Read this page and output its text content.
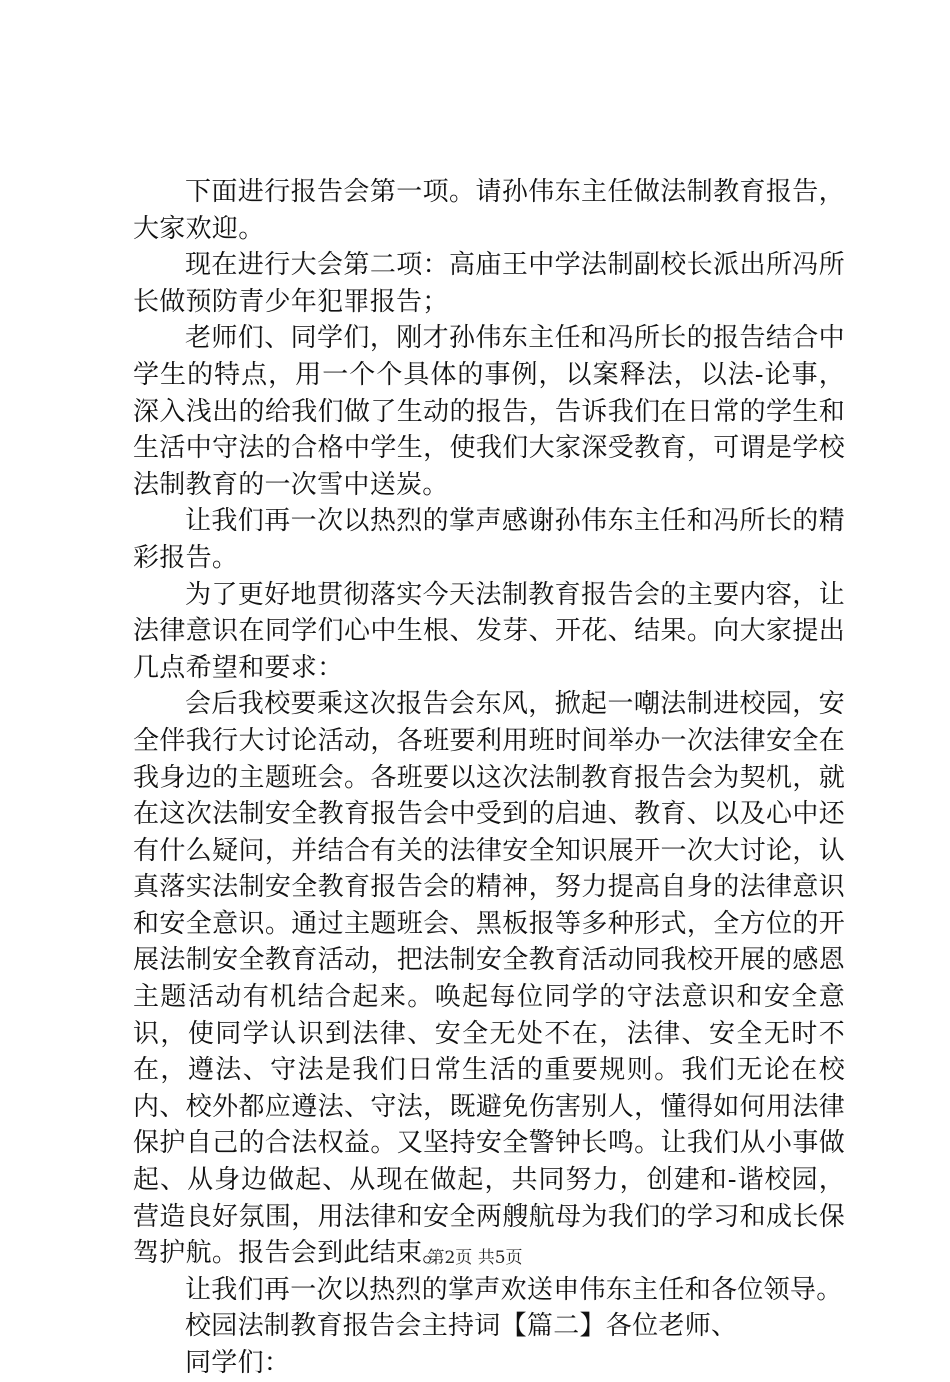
下面进行报告会第一项。请孙伟东主任做法制教育报告，大家欢迎。

现在进行大会第二项：高庙王中学法制副校长派出所冯所长做预防青少年犯罪报告；

老师们、同学们，刚才孙伟东主任和冯所长的报告结合中学生的特点，用一个个具体的事例，以案释法，以法-论事，深入浅出的给我们做了生动的报告，告诉我们在日常的学生和生活中守法的合格中学生，使我们大家深受教育，可谓是学校法制教育的一次雪中送炭。

让我们再一次以热烈的掌声感谢孙伟东主任和冯所长的精彩报告。

为了更好地贯彻落实今天法制教育报告会的主要内容，让法律意识在同学们心中生根、发芽、开花、结果。向大家提出几点希望和要求：

会后我校要乘这次报告会东风，掀起一嘲法制进校园，安全伴我行大讨论活动，各班要利用班时间举办一次法律安全在我身边的主题班会。各班要以这次法制教育报告会为契机，就在这次法制安全教育报告会中受到的启迪、教育、以及心中还有什么疑问，并结合有关的法律安全知识展开一次大讨论，认真落实法制安全教育报告会的精神，努力提高自身的法律意识和安全意识。通过主题班会、黑板报等多种形式，全方位的开展法制安全教育活动，把法制安全教育活动同我校开展的感恩主题活动有机结合起来。唤起每位同学的守法意识和安全意识，使同学认识到法律、安全无处不在，法律、安全无时不在，遵法、守法是我们日常生活的重要规则。我们无论在校内、校外都应遵法、守法，既避免伤害别人，懂得如何用法律保护自己的合法权益。又坚持安全警钟长鸣。让我们从小事做起、从身边做起、从现在做起，共同努力，创建和-谐校园，营造良好氛围，用法律和安全两艘航母为我们的学习和成长保驾护航。报告会到此结束。

让我们再一次以热烈的掌声欢送申伟东主任和各位领导。

校园法制教育报告会主持词【篇二】各位老师、

同学们：

第2页 共5页
